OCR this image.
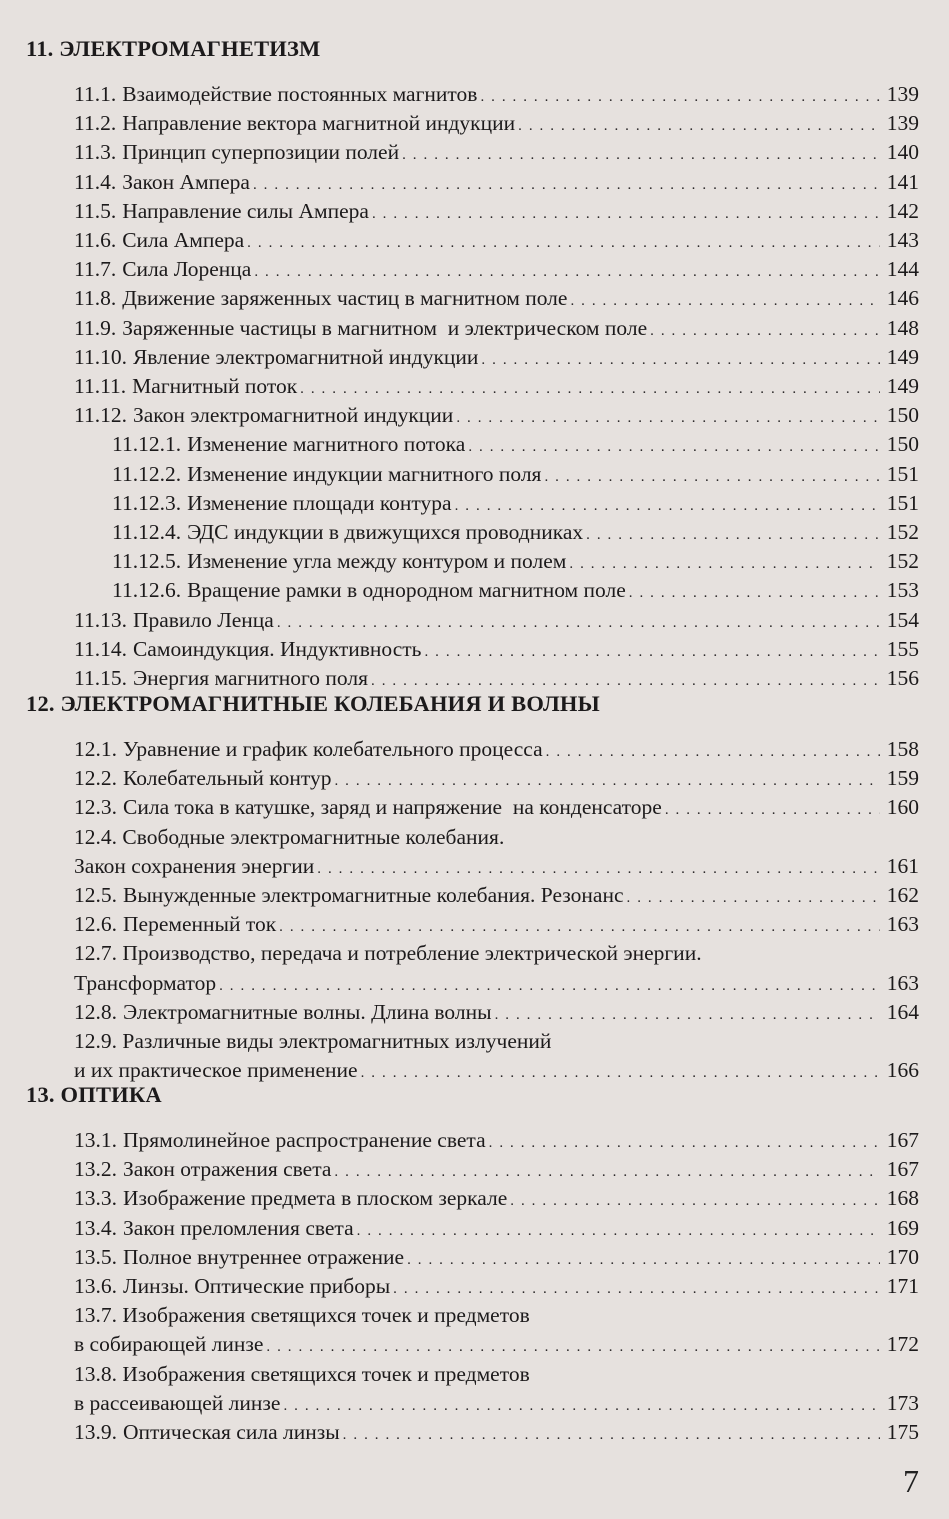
11. ЭЛЕКТРОМАГНЕТИЗМ
11.1. Взаимодействие постоянных магнитов . . .	139
11.2. Направление вектора магнитной индукции . . .	139
11.3. Принцип суперпозиции полей . . .	140
11.4. Закон Ампера . . .	141
11.5. Направление силы Ампера . . .	142
11.6. Сила Ампера . . .	143
11.7. Сила Лоренца . . .	144
11.8. Движение заряженных частиц в магнитном поле . . .	146
11.9. Заряженные частицы в магнитном  и электрическом поле . . .	148
11.10. Явление электромагнитной индукции . . .	149
11.11. Магнитный поток . . .	149
11.12. Закон электромагнитной индукции . . .	150
11.12.1. Изменение магнитного потока . . .	150
11.12.2. Изменение индукции магнитного поля . . .	151
11.12.3. Изменение площади контура . . .	151
11.12.4. ЭДС индукции в движущихся проводниках . . .	152
11.12.5. Изменение угла между контуром и полем . . .	152
11.12.6. Вращение рамки в однородном магнитном поле . . .	153
11.13. Правило Ленца . . .	154
11.14. Самоиндукция. Индуктивность . . .	155
11.15. Энергия магнитного поля . . .	156
12. ЭЛЕКТРОМАГНИТНЫЕ КОЛЕБАНИЯ И ВОЛНЫ
12.1. Уравнение и график колебательного процесса . . .	158
12.2. Колебательный контур . . .	159
12.3. Сила тока в катушке, заряд и напряжение  на конденсаторе . . .	160
12.4. Свободные электромагнитные колебания.
Закон сохранения энергии . . .	161
12.5. Вынужденные электромагнитные колебания. Резонанс . . .	162
12.6. Переменный ток . . .	163
12.7. Производство, передача и потребление электрической энергии.
Трансформатор . . .	163
12.8. Электромагнитные волны. Длина волны . . .	164
12.9. Различные виды электромагнитных излучений
и их практическое применение . . .	166
13. ОПТИКА
13.1. Прямолинейное распространение света . . .	167
13.2. Закон отражения света . . .	167
13.3. Изображение предмета в плоском зеркале . . .	168
13.4. Закон преломления света . . .	169
13.5. Полное внутреннее отражение . . .	170
13.6. Линзы. Оптические приборы . . .	171
13.7. Изображения светящихся точек и предметов
в собирающей линзе . . .	172
13.8. Изображения светящихся точек и предметов
в рассеивающей линзе . . .	173
13.9. Оптическая сила линзы . . .	175
7
